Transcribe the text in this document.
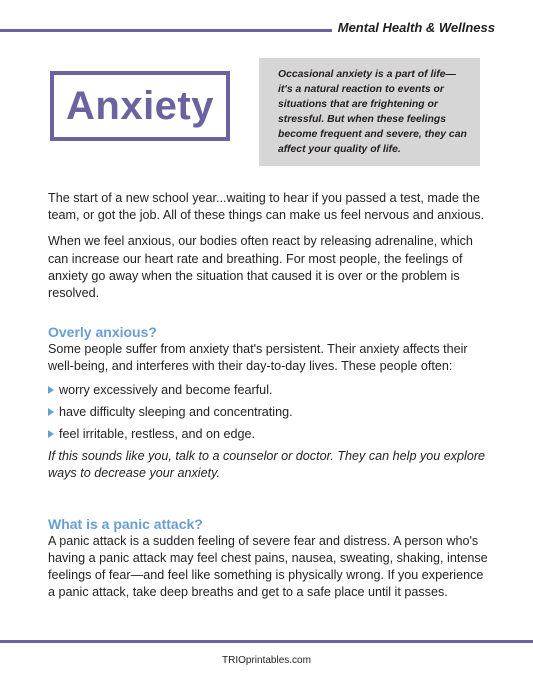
Mental Health & Wellness
Anxiety
Occasional anxiety is a part of life—it's a natural reaction to events or situations that are frightening or stressful. But when these feelings become frequent and severe, they can affect your quality of life.

The start of a new school year...waiting to hear if you passed a test, made the team, or got the job. All of these things can make us feel nervous and anxious.

When we feel anxious, our bodies often react by releasing adrenaline, which can increase our heart rate and breathing. For most people, the feelings of anxiety go away when the situation that caused it is over or the problem is resolved.

Overly anxious?

Some people suffer from anxiety that's persistent. Their anxiety affects their well-being, and interferes with their day-to-day lives. These people often:

worry excessively and become fearful.
have difficulty sleeping and concentrating.
feel irritable, restless, and on edge.

If this sounds like you, talk to a counselor or doctor. They can help you explore ways to decrease your anxiety.

What is a panic attack?

A panic attack is a sudden feeling of severe fear and distress. A person who's having a panic attack may feel chest pains, nausea, sweating, shaking, intense feelings of fear—and feel like something is physically wrong. If you experience a panic attack, take deep breaths and get to a safe place until it passes.

TRIOprintables.com
